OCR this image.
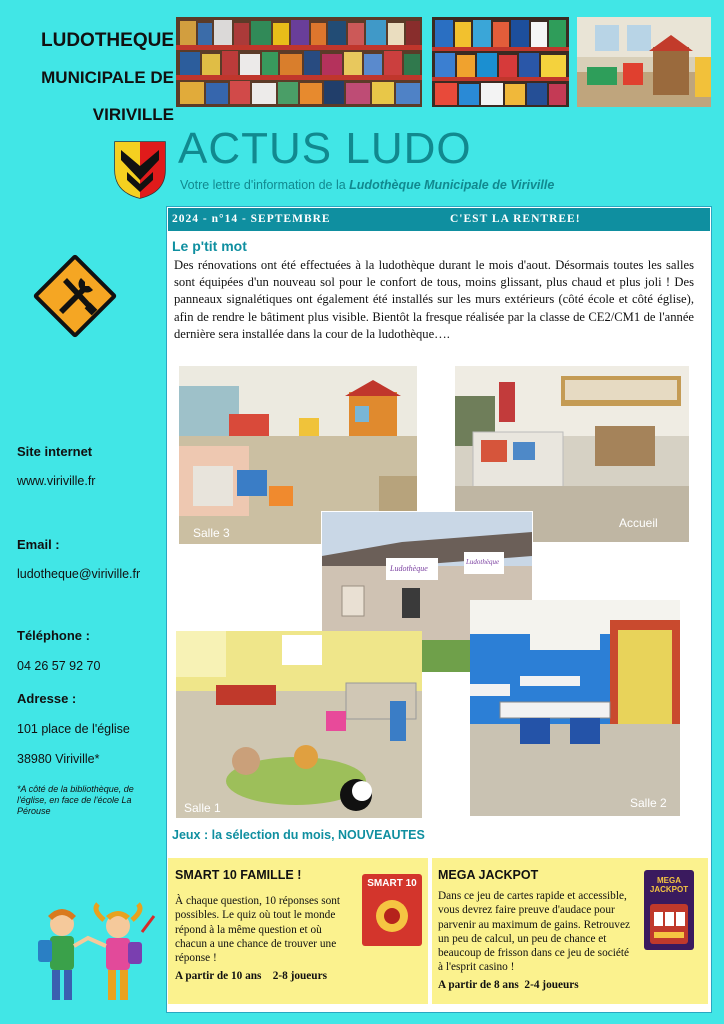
LUDOTHEQUE
MUNICIPALE DE
VIRIVILLE
ACTUS LUDO
Votre lettre d'information de la Ludothèque Municipale de Viriville
2024 - n°14 - SEPTEMBRE	C'EST LA RENTREE!
Le p'tit mot
Des rénovations ont été effectuées à la ludothèque durant le mois d'aout. Désormais toutes les salles sont équipées d'un nouveau sol pour le confort de tous, moins glissant, plus chaud et plus joli ! Des panneaux signalétiques ont également été installés sur les murs extérieurs (côté école et côté église), afin de rendre le bâtiment plus visible. Bientôt la fresque réalisée par la classe de CE2/CM1 de l'année dernière sera installée dans la cour de la ludothèque….
Salle 3
Accueil
Ludothèque
Ludothèque
Salle 1	Salle 2
Site internet
www.viriville.fr
Email :
ludotheque@viriville.fr
Téléphone :
04 26 57 92 70
Adresse :
101 place de l'église
38980 Viriville*
*A côté de la bibliothèque, de l'église, en face de l'école La Pérouse
Jeux : la sélection du mois, NOUVEAUTES
SMART 10 FAMILLE !
À chaque question, 10 réponses sont possibles. Le quiz où tout le monde répond à la même question et où chacun a une chance de trouver une réponse !
A partir de 10 ans 2-8 joueurs
SMART 10
MEGA JACKPOT
Dans ce jeu de cartes rapide et accessible, vous devrez faire preuve d'audace pour parvenir au maximum de gains. Retrouvez un peu de calcul, un peu de chance et beaucoup de frisson dans ce jeu de société à l'esprit casino !
A partir de 8 ans 2-4 joueurs
MEGA JACKPOT
